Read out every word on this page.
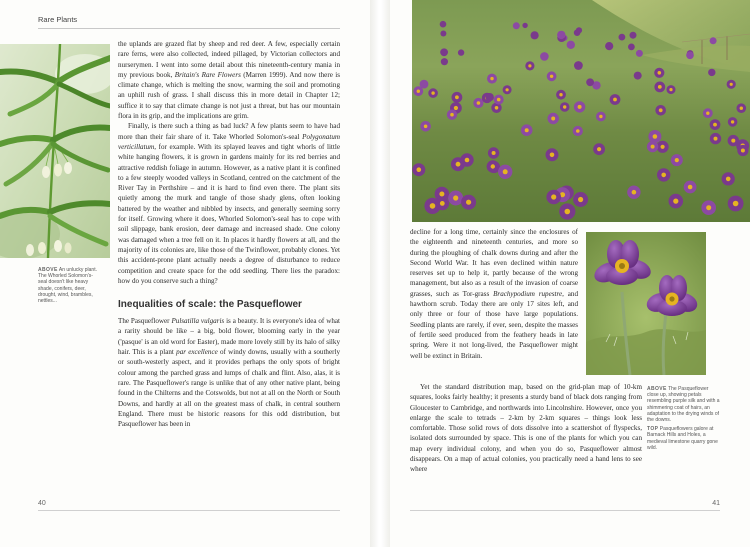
Rare Plants
ABOVE An unlucky plant. The Whorled Solomon's-seal doesn't like heavy shade, conifers, deer, drought, wind, brambles, nettles...

the uplands are grazed flat by sheep and red deer. A few, especially certain rare ferns, were also collected, indeed pillaged, by Victorian collectors and nurserymen. I went into some detail about this nineteenth-century mania in my previous book, Britain's Rare Flowers (Marren 1999). And now there is climate change, which is melting the snow, warming the soil and promoting an uphill rush of grass. I shall discuss this in more detail in Chapter 12; suffice it to say that climate change is not just a threat, but has our mountain flora in its grip, and the implications are grim.

Finally, is there such a thing as bad luck? A few plants seem to have had more than their fair share of it. Take Whorled Solomon's-seal Polygonatum verticillatum, for example. With its splayed leaves and tight whorls of little white hanging flowers, it is grown in gardens mainly for its red berries and attractive reddish foliage in autumn. However, as a native plant it is confined to a few steeply wooded valleys in Scotland, centred on the catchment of the River Tay in Perthshire – and it is hard to find even there. The plant sits quietly among the murk and tangle of those shady glens, often looking battered by the weather and nibbled by insects, and generally seeming sorry for itself. Growing where it does, Whorled Solomon's-seal has to cope with soil slippage, bank erosion, deer damage and increased shade. One colony was damaged when a tree fell on it. In places it hardly flowers at all, and the majority of its colonies are, like those of the Twinflower, probably clones. Yet this accident-prone plant actually needs a degree of disturbance to reduce competition and create space for the odd seedling. There lies the paradox: how do you conserve such a thing?

Inequalities of scale: the Pasqueflower

The Pasqueflower Pulsatilla vulgaris is a beauty. It is everyone's idea of what a rarity should be like – a big, bold flower, blooming early in the year ('pasque' is an old word for Easter), made more lovely still by its halo of silky hair. This is a plant par excellence of windy downs, usually with a southerly or south-westerly aspect, and it provides perhaps the only spots of bright colour among the parched grass and lumps of chalk and flint. Also, alas, it is rare. The Pasqueflower's range is unlike that of any other native plant, being found in the Chilterns and the Cotswolds, but not at all on the North or South Downs, and hardly at all on the greatest mass of chalk, in central southern England. There must be historic reasons for this odd distribution, but Pasqueflower has been in

40

decline for a long time, certainly since the enclosures of the eighteenth and nineteenth centuries, and more so during the ploughing of chalk downs during and after the Second World War. It has even declined within nature reserves set up to help it, partly because of the wrong management, but also as a result of the invasion of coarse grasses, such as Tor-grass Brachypodium rupestre, and hawthorn scrub. Today there are only 17 sites left, and only three or four of those have large populations. Seedling plants are rarely, if ever, seen, despite the masses of fertile seed produced from the feathery heads in late spring. Were it not long-lived, the Pasqueflower might well be extinct in Britain.

Yet the standard distribution map, based on the grid-plan map of 10-km squares, looks fairly healthy; it presents a sturdy band of black dots ranging from Gloucester to Cambridge, and northwards into Lincolnshire. However, once you enlarge the scale to tetrads – 2-km by 2-km squares – things look less comfortable. Those solid rows of dots dissolve into a scattershot of flyspecks, isolated dots surrounded by space. This is one of the plants for which you can map every individual colony, and when you do so, Pasqueflower almost disappears. On a map of actual colonies, you practically need a hand lens to see where

ABOVE The Pasqueflower close up, showing petals resembling purple silk and with a shimmering coat of hairs, an adaptation to the drying winds of the downs.

TOP Pasqueflowers galore at Barnack Hills and Holes, a medieval limestone quarry gone wild.

41
